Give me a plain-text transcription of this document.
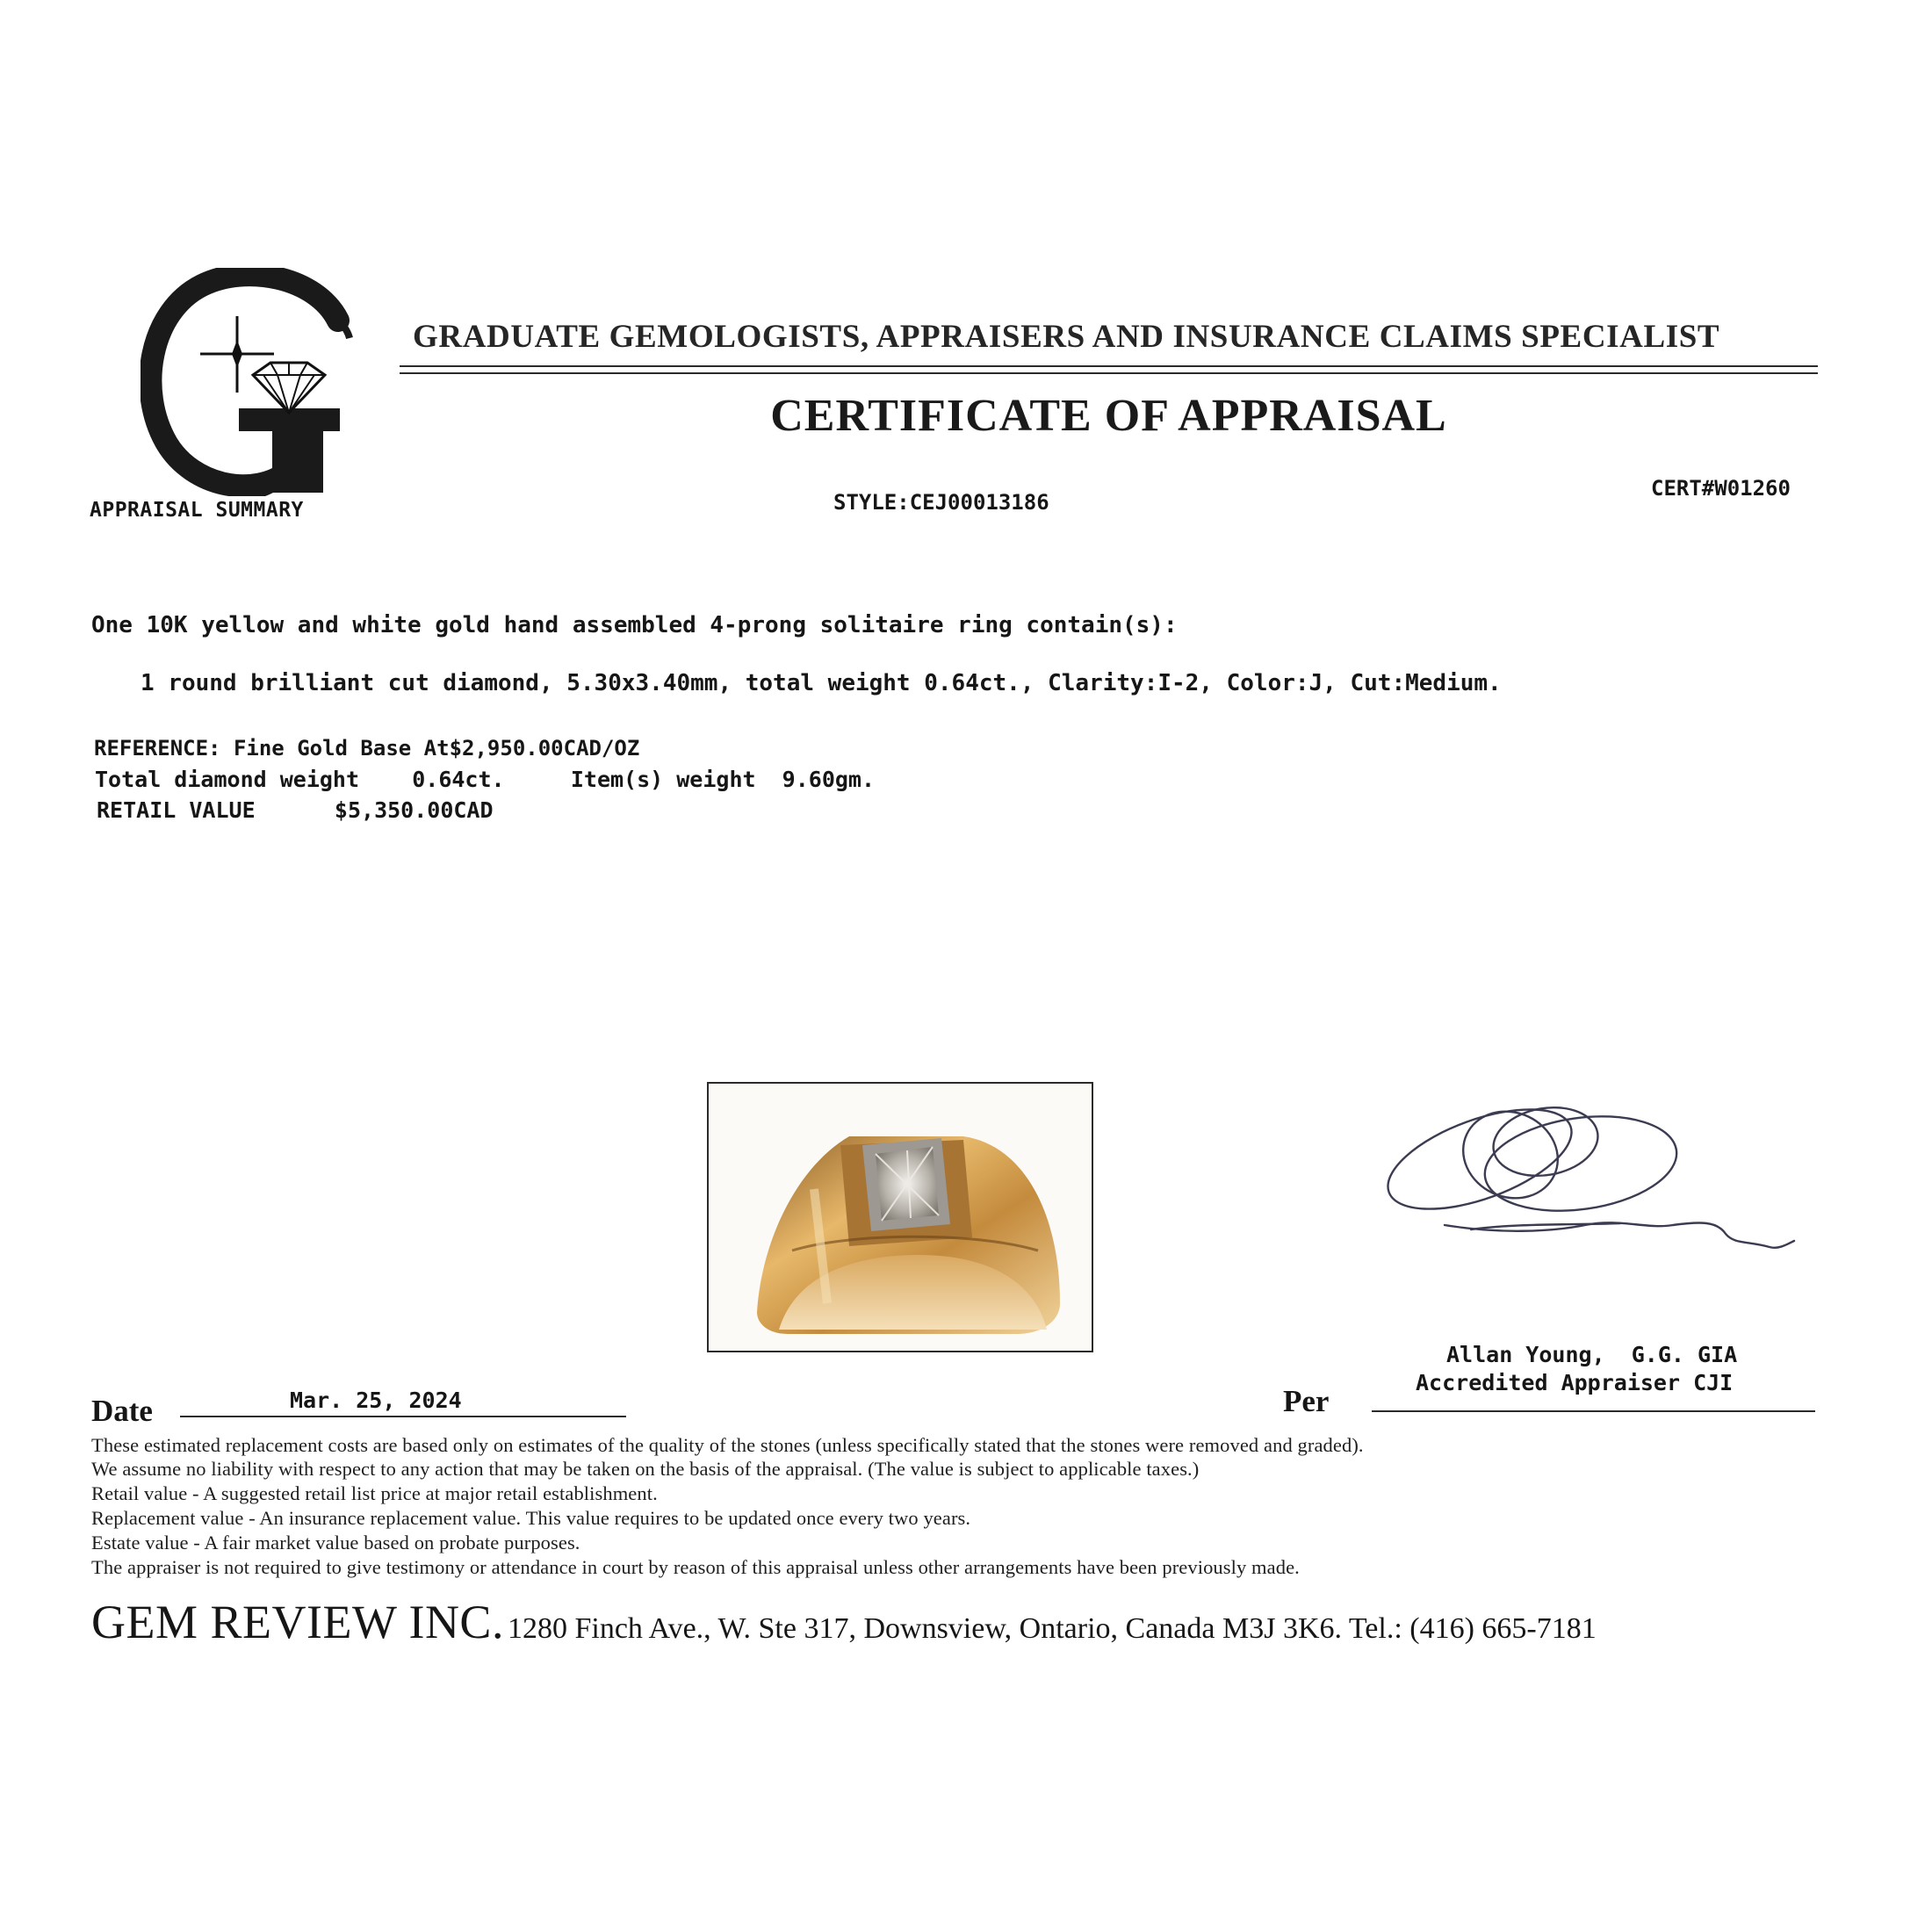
APPRAISAL SUMMARY
GRADUATE GEMOLOGISTS, APPRAISERS AND INSURANCE CLAIMS SPECIALIST
CERTIFICATE OF APPRAISAL
STYLE:CEJ00013186
CERT#W01260
One 10K yellow and white gold hand assembled 4-prong solitaire ring contain(s):
1 round brilliant cut diamond, 5.30x3.40mm, total weight 0.64ct., Clarity:I-2, Color:J, Cut:Medium.
REFERENCE: Fine Gold Base At$2,950.00CAD/OZ
Total diamond weight    0.64ct.     Item(s) weight  9.60gm.
RETAIL VALUE      $5,350.00CAD
Allan Young,  G.G. GIA
Accredited Appraiser CJI
Date	Mar. 25, 2024	Per
These estimated replacement costs are based only on estimates of the quality of the stones (unless specifically stated that the stones were removed and graded).
We assume no liability with respect to any action that may be taken on the basis of the appraisal. (The value is subject to applicable taxes.)
Retail value - A suggested retail list price at major retail establishment.
Replacement value - An insurance replacement value. This value requires to be updated once every two years.
Estate value - A fair market value based on probate purposes.
The appraiser is not required to give testimony or attendance in court by reason of this appraisal unless other arrangements have been previously made.
GEM REVIEW INC. 1280 Finch Ave., W. Ste 317, Downsview, Ontario, Canada M3J 3K6. Tel.: (416) 665-7181
